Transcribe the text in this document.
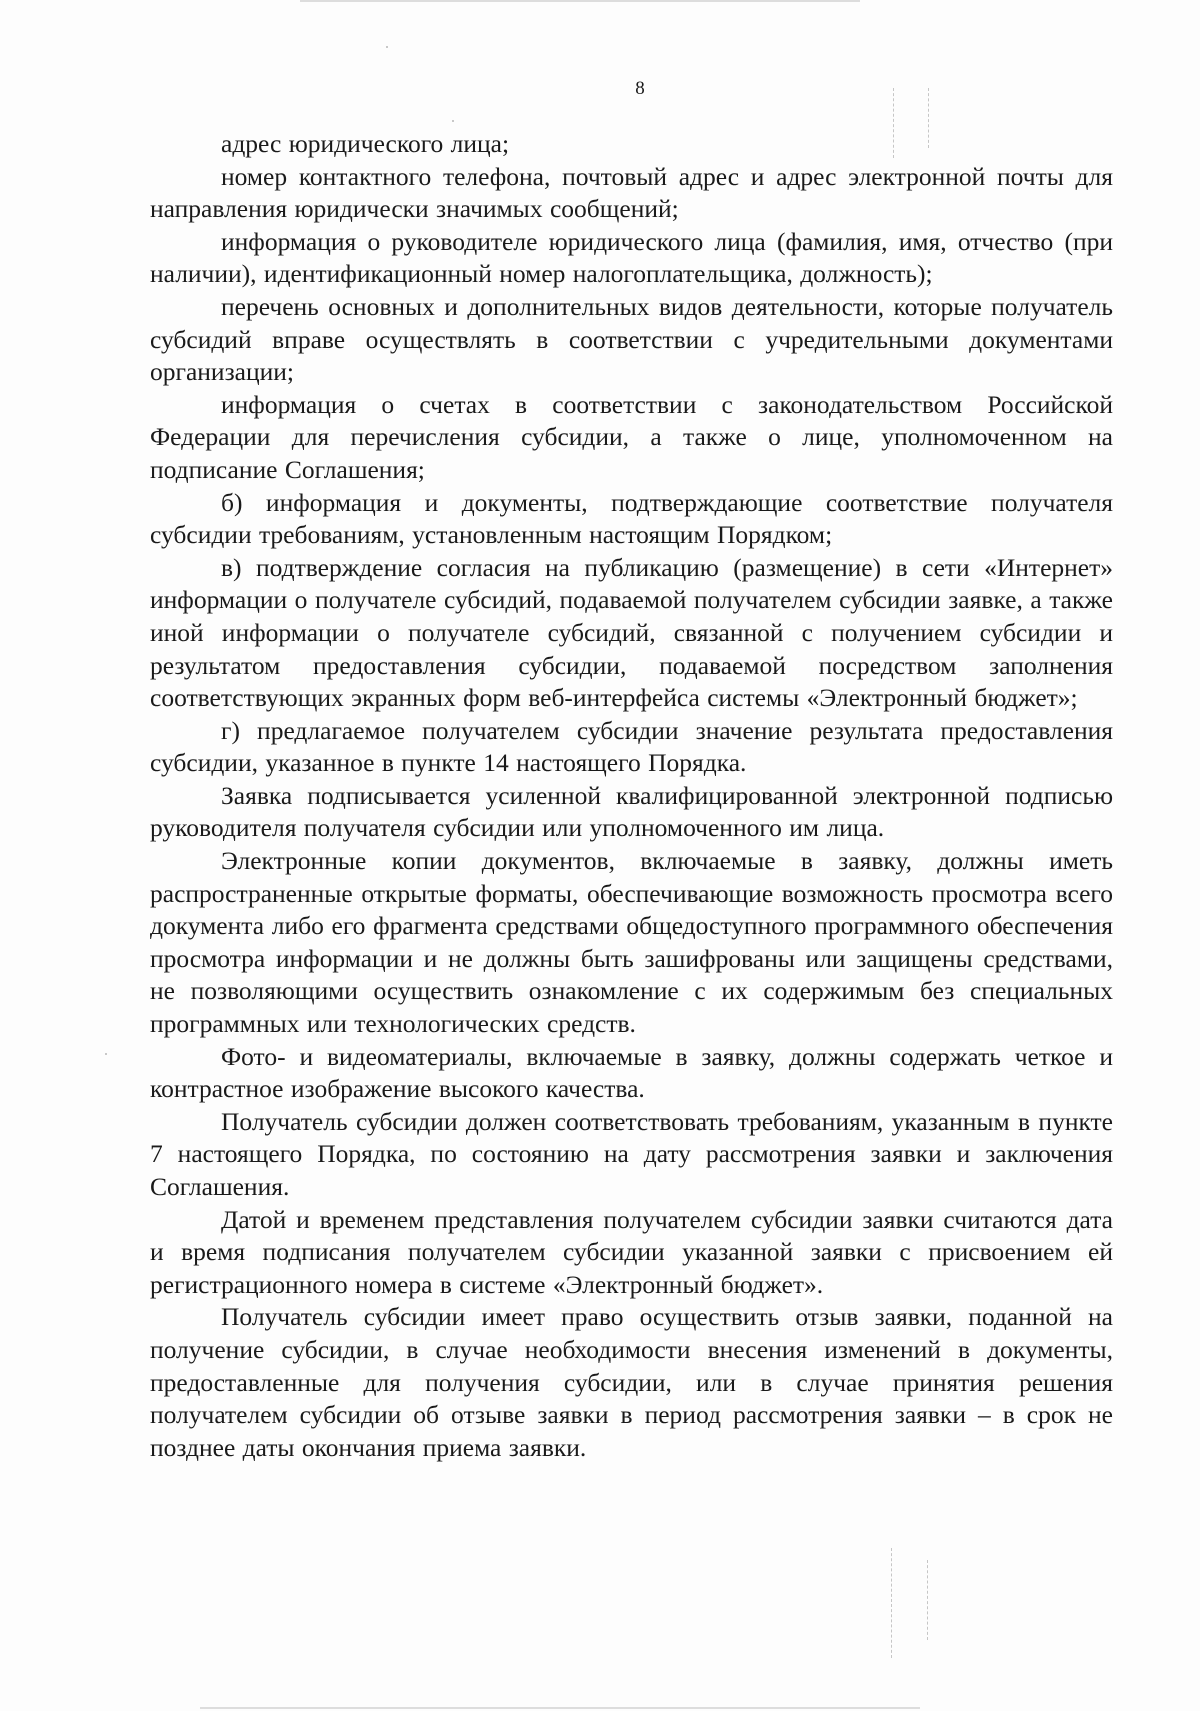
8

адрес юридического лица;

номер контактного телефона, почтовый адрес и адрес электронной почты для направления юридически значимых сообщений;

информация о руководителе юридического лица (фамилия, имя, отчество (при наличии), идентификационный номер налогоплательщика, должность);

перечень основных и дополнительных видов деятельности, которые получатель субсидий вправе осуществлять в соответствии с учредительными документами организации;

информация о счетах в соответствии с законодательством Российской Федерации для перечисления субсидии, а также о лице, уполномоченном на подписание Соглашения;

б) информация и документы, подтверждающие соответствие получателя субсидии требованиям, установленным настоящим Порядком;

в) подтверждение согласия на публикацию (размещение) в сети «Интернет» информации о получателе субсидий, подаваемой получателем субсидии заявке, а также иной информации о получателе субсидий, связанной с получением субсидии и результатом предоставления субсидии, подаваемой посредством заполнения соответствующих экранных форм веб-интерфейса системы «Электронный бюджет»;

г) предлагаемое получателем субсидии значение результата предоставления субсидии, указанное в пункте 14 настоящего Порядка.

Заявка подписывается усиленной квалифицированной электронной подписью руководителя получателя субсидии или уполномоченного им лица.

Электронные копии документов, включаемые в заявку, должны иметь распространенные открытые форматы, обеспечивающие возможность просмотра всего документа либо его фрагмента средствами общедоступного программного обеспечения просмотра информации и не должны быть зашифрованы или защищены средствами, не позволяющими осуществить ознакомление с их содержимым без специальных программных или технологических средств.

Фото- и видеоматериалы, включаемые в заявку, должны содержать четкое и контрастное изображение высокого качества.

Получатель субсидии должен соответствовать требованиям, указанным в пункте 7 настоящего Порядка, по состоянию на дату рассмотрения заявки и заключения Соглашения.

Датой и временем представления получателем субсидии заявки считаются дата и время подписания получателем субсидии указанной заявки с присвоением ей регистрационного номера в системе «Электронный бюджет».

Получатель субсидии имеет право осуществить отзыв заявки, поданной на получение субсидии, в случае необходимости внесения изменений в документы, предоставленные для получения субсидии, или в случае принятия решения получателем субсидии об отзыве заявки в период рассмотрения заявки – в срок не позднее даты окончания приема заявки.
